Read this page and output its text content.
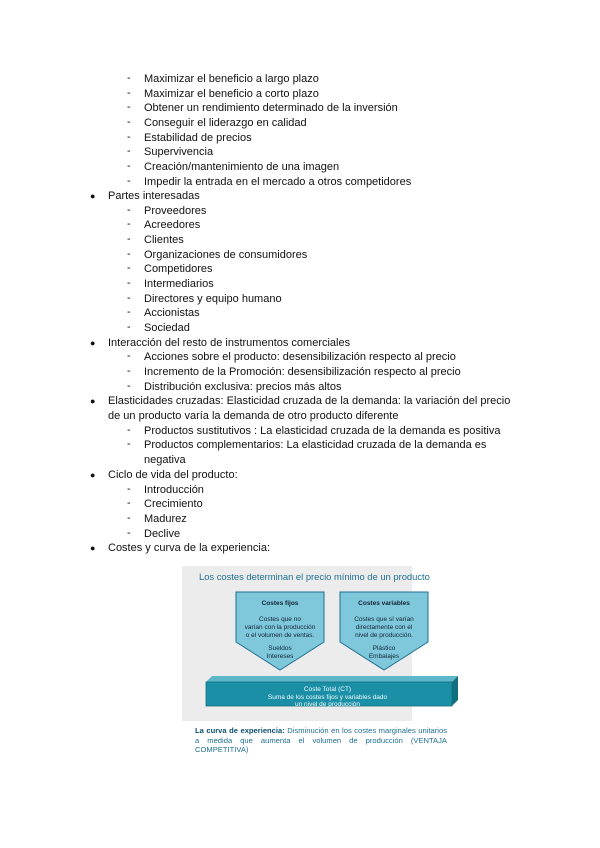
- Maximizar el beneficio a largo plazo
- Maximizar el beneficio a corto plazo
- Obtener un rendimiento determinado de la inversión
- Conseguir el liderazgo en calidad
- Estabilidad de precios
- Supervivencia
- Creación/mantenimiento de una imagen
- Impedir la entrada en el mercado a otros competidores
● Partes interesadas
- Proveedores
- Acreedores
- Clientes
- Organizaciones de consumidores
- Competidores
- Intermediarios
- Directores y equipo humano
- Accionistas
- Sociedad
● Interacción del resto de instrumentos comerciales
- Acciones sobre el producto: desensibilización respecto al precio
- Incremento de la Promoción: desensibilización respecto al precio
- Distribución exclusiva: precios más altos
● Elasticidades cruzadas: Elasticidad cruzada de la demanda: la variación del precio
de un producto varía la demanda de otro producto diferente
- Productos sustitutivos : La elasticidad cruzada de la demanda es positiva
- Productos complementarios: La elasticidad cruzada de la demanda es
negativa
● Ciclo de vida del producto:
- Introducción
- Crecimiento
- Madurez
- Declive
● Costes y curva de la experiencia:
Los costes determinan el precio mínimo de un producto
Costes fijos
Costes que no
varían con la producción
o el volumen de ventas.
Sueldos
Intereses
Costes variables
Costes que sí varían
directamente con el
nivel de producción.
Plástico
Embalajes
Coste Total (CT)
Suma de los costes fijos y variables dado
un nivel de producción
La curva de experiencia: Disminución en los costes marginales unitarios a medida que aumenta el volumen de producción (VENTAJA COMPETITIVA)
